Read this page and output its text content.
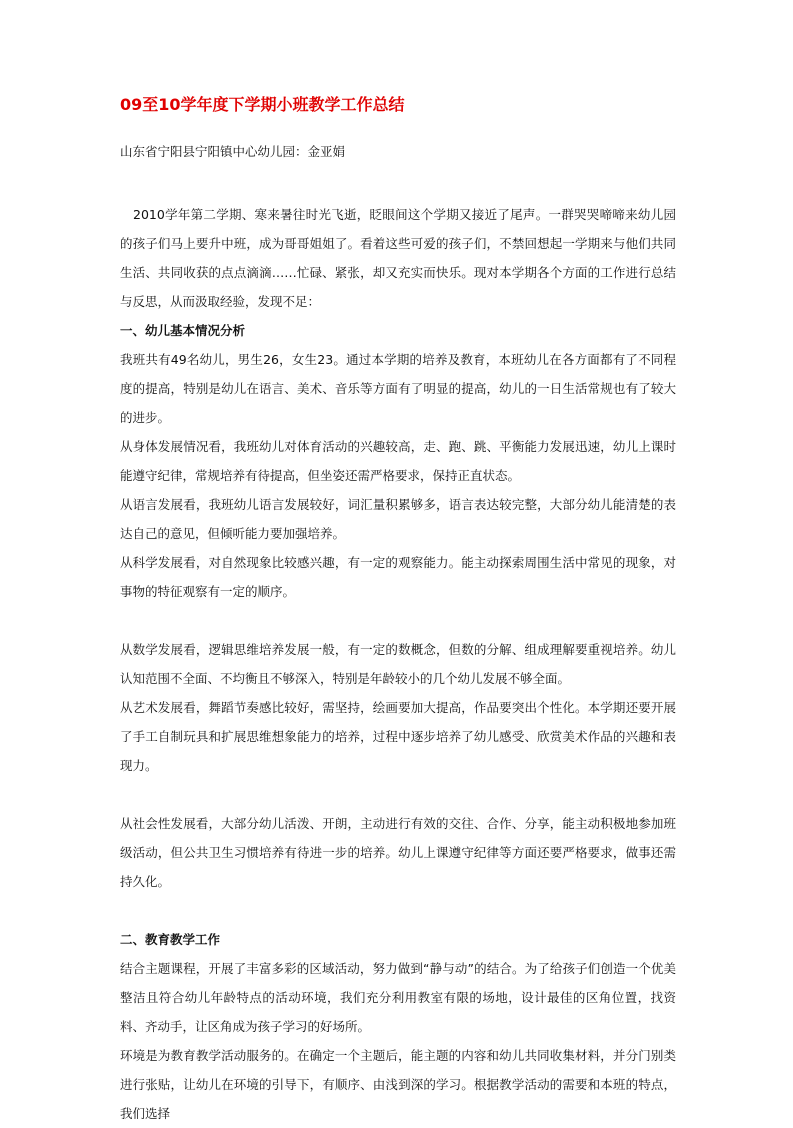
09至10学年度下学期小班教学工作总结

山东省宁阳县宁阳镇中心幼儿园：金亚娟

2010学年第二学期、寒来暑往时光飞逝，眨眼间这个学期又接近了尾声。一群哭哭啼啼来幼儿园的孩子们马上要升中班，成为哥哥姐姐了。看着这些可爱的孩子们，不禁回想起一学期来与他们共同生活、共同收获的点点滴滴……忙碌、紧张，却又充实而快乐。现对本学期各个方面的工作进行总结与反思，从而汲取经验，发现不足：

一、幼儿基本情况分析

我班共有49名幼儿，男生26，女生23。通过本学期的培养及教育，本班幼儿在各方面都有了不同程度的提高，特别是幼儿在语言、美术、音乐等方面有了明显的提高，幼儿的一日生活常规也有了较大的进步。

从身体发展情况看，我班幼儿对体育活动的兴趣较高，走、跑、跳、平衡能力发展迅速，幼儿上课时能遵守纪律，常规培养有待提高，但坐姿还需严格要求，保持正直状态。

从语言发展看，我班幼儿语言发展较好，词汇量积累够多，语言表达较完整，大部分幼儿能清楚的表达自己的意见，但倾听能力要加强培养。

从科学发展看，对自然现象比较感兴趣，有一定的观察能力。能主动探索周围生活中常见的现象，对事物的特征观察有一定的顺序。

从数学发展看，逻辑思维培养发展一般，有一定的数概念，但数的分解、组成理解要重视培养。幼儿认知范围不全面、不均衡且不够深入，特别是年龄较小的几个幼儿发展不够全面。

从艺术发展看，舞蹈节奏感比较好，需坚持，绘画要加大提高，作品要突出个性化。本学期还要开展了手工自制玩具和扩展思维想象能力的培养，过程中逐步培养了幼儿感受、欣赏美术作品的兴趣和表现力。

从社会性发展看，大部分幼儿活泼、开朗，主动进行有效的交往、合作、分享，能主动积极地参加班级活动，但公共卫生习惯培养有待进一步的培养。幼儿上课遵守纪律等方面还要严格要求，做事还需持久化。

二、教育教学工作

结合主题课程，开展了丰富多彩的区域活动，努力做到“静与动”的结合。为了给孩子们创造一个优美整洁且符合幼儿年龄特点的活动环境，我们充分利用教室有限的场地，设计最佳的区角位置，找资料、齐动手，让区角成为孩子学习的好场所。

环境是为教育教学活动服务的。在确定一个主题后，能主题的内容和幼儿共同收集材料，并分门别类进行张贴，让幼儿在环境的引导下，有顺序、由浅到深的学习。根据教学活动的需要和本班的特点，我们选择
